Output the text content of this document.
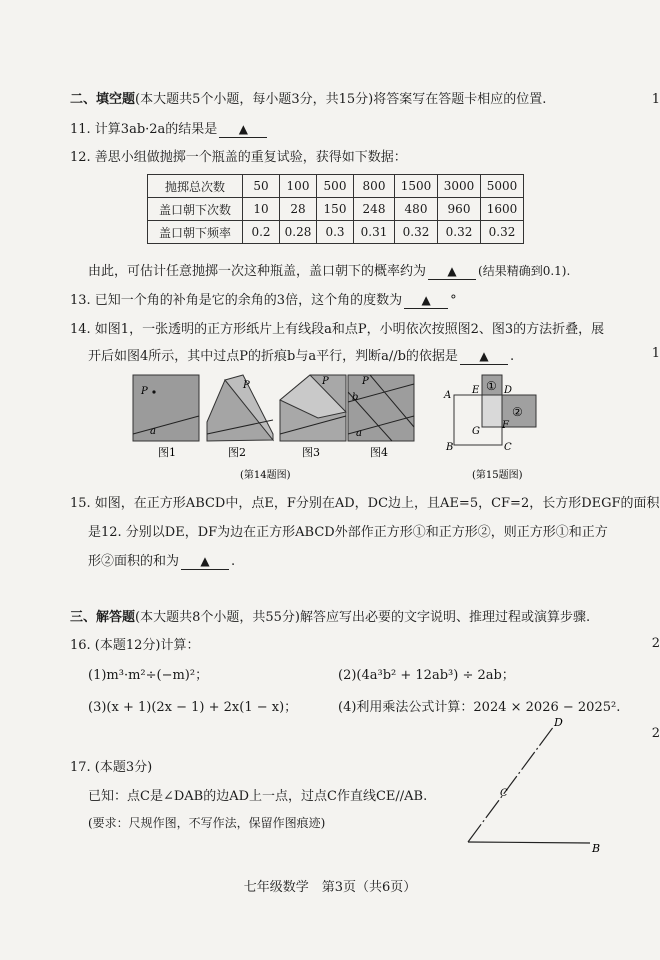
二、填空题(本大题共5个小题，每小题3分，共15分)将答案写在答题卡相应的位置.
11. 计算3ab·2a的结果是 ▲
12. 善思小组做抛掷一个瓶盖的重复试验，获得如下数据：
抛掷总次数	50	100	500	800	1500	3000	5000
盖口朝下次数	10	28	150	248	480	960	1600
盖口朝下频率	0.2	0.28	0.3	0.31	0.32	0.32	0.32
由此，可估计任意抛掷一次这种瓶盖，盖口朝下的概率约为 ▲ (结果精确到0.1).
13. 已知一个角的补角是它的余角的3倍，这个角的度数为 ▲ °
14. 如图1，一张透明的正方形纸片上有线段a和点P，小明依次按照图2、图3的方法折叠，展
开后如图4所示，其中过点P的折痕b与a平行，判断a//b的依据是 ▲ .
P
a
P	P	P
b
a
图1	图2	图3	图4
(第14题图)
①
②
A E D
G
F
B	C
(第15题图)
15. 如图，在正方形ABCD中，点E，F分别在AD，DC边上，且AE=5，CF=2，长方形DEGF的面积
是12. 分别以DE，DF为边在正方形ABCD外部作正方形①和正方形②，则正方形①和正方
形②面积的和为 ▲ .
三、解答题(本大题共8个小题，共55分)解答应写出必要的文字说明、推理过程或演算步骤.
16. (本题12分)计算：
(1)m³·m²÷(−m)²；	(2)(4a³b² + 12ab³) ÷ 2ab；
(3)(x + 1)(2x − 1) + 2x(1 − x)；	(4)利用乘法公式计算：2024 × 2026 − 2025².
17. (本题3分)
已知：点C是∠DAB的边AD上一点，过点C作直线CE//AB.
(要求：尺规作图，不写作法，保留作图痕迹)
D
C
B
七年级数学　第3页（共6页）
1
1
2
2
